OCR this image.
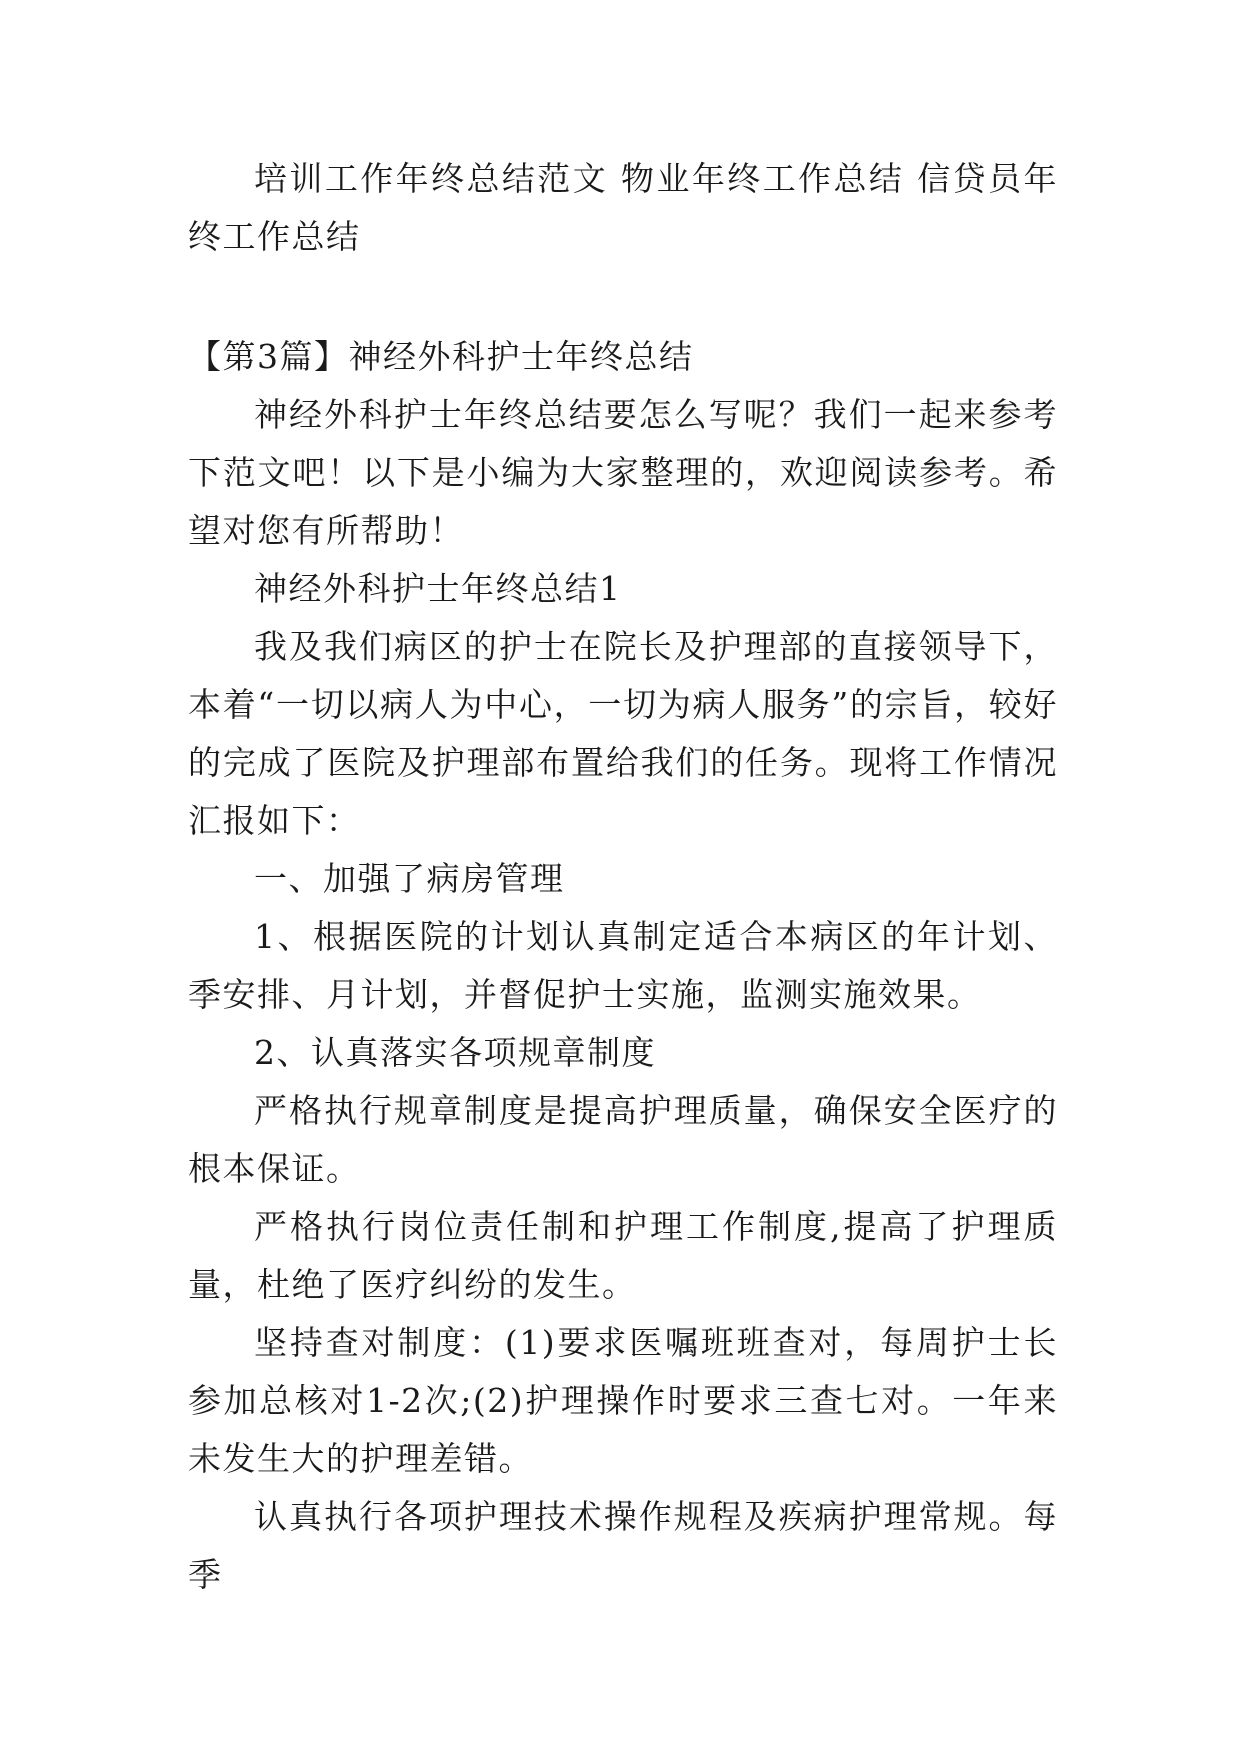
培训工作年终总结范文 物业年终工作总结 信贷员年终工作总结

【第3篇】神经外科护士年终总结

神经外科护士年终总结要怎么写呢？我们一起来参考下范文吧！以下是小编为大家整理的，欢迎阅读参考。希望对您有所帮助！

神经外科护士年终总结1

我及我们病区的护士在院长及护理部的直接领导下，本着“一切以病人为中心，一切为病人服务”的宗旨，较好的完成了医院及护理部布置给我们的任务。现将工作情况汇报如下：

一、加强了病房管理

1、根据医院的计划认真制定适合本病区的年计划、季安排、月计划，并督促护士实施，监测实施效果。

2、认真落实各项规章制度

严格执行规章制度是提高护理质量，确保安全医疗的根本保证。

严格执行岗位责任制和护理工作制度,提高了护理质量，杜绝了医疗纠纷的发生。

坚持查对制度：(1)要求医嘱班班查对，每周护士长参加总核对1-2次;(2)护理操作时要求三查七对。一年来未发生大的护理差错。

认真执行各项护理技术操作规程及疾病护理常规。每季
